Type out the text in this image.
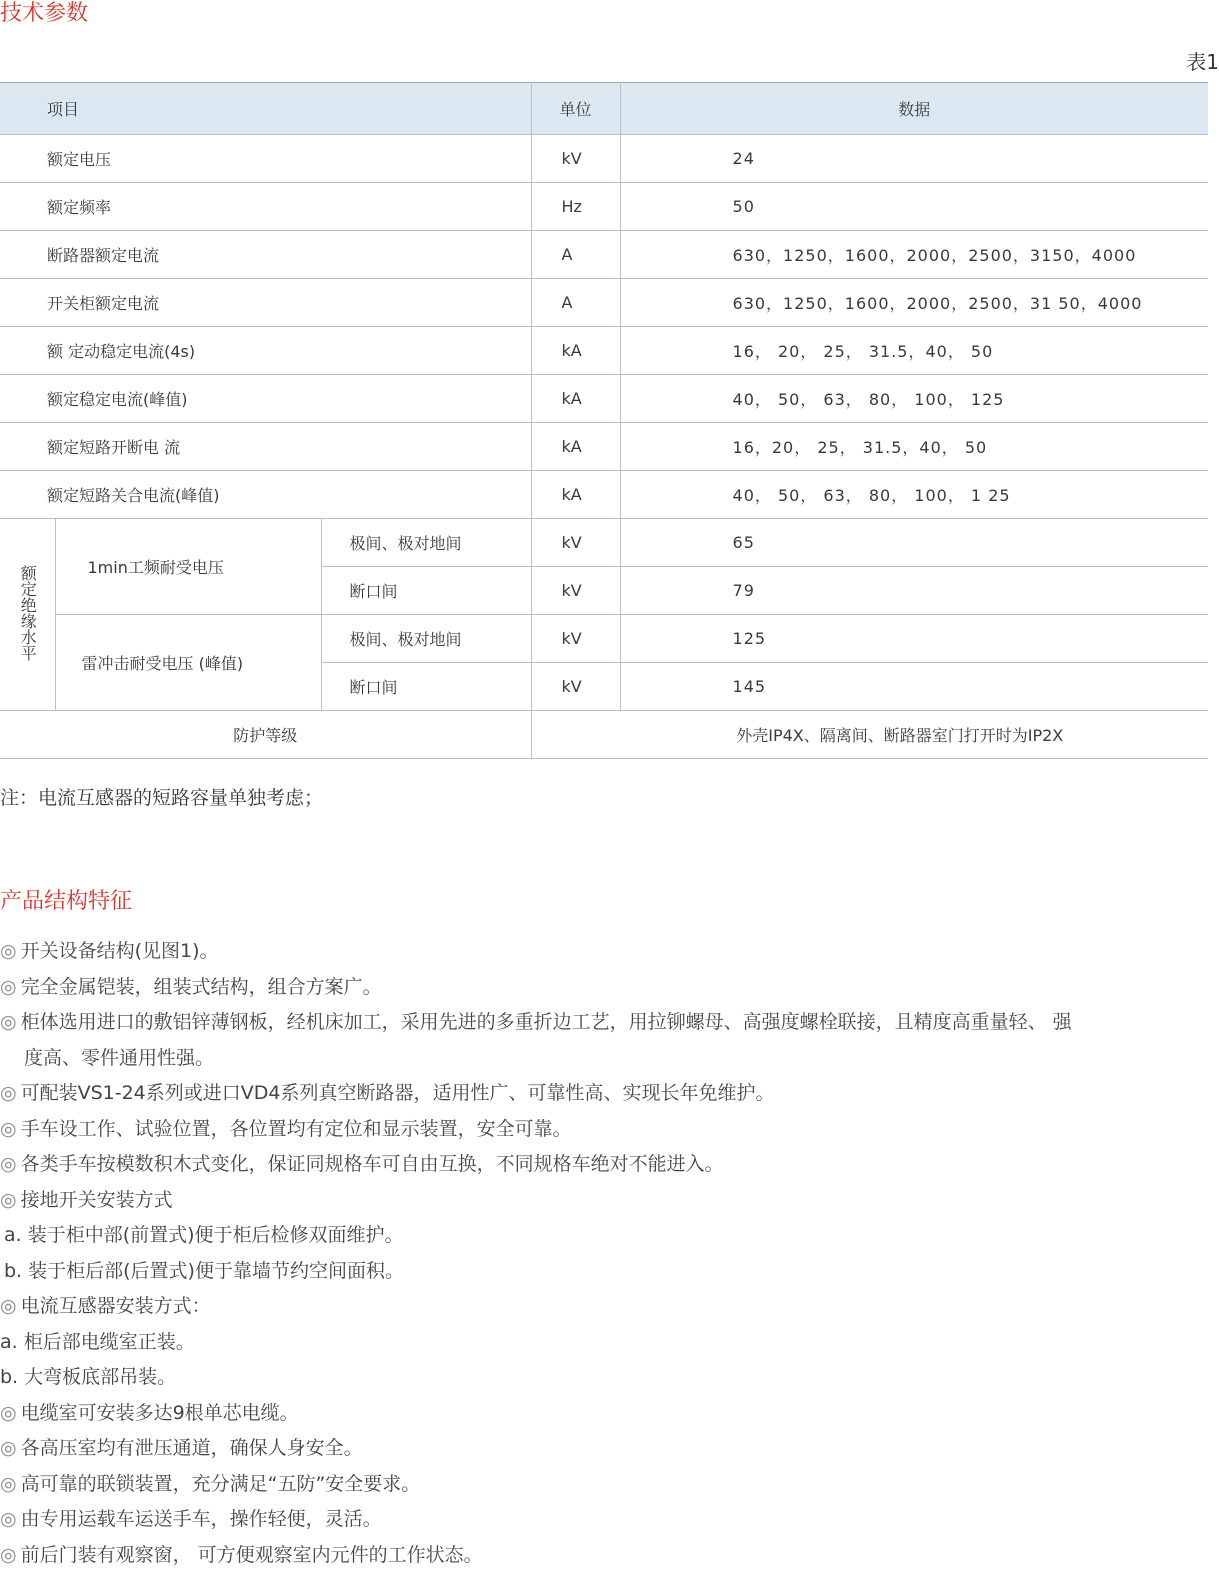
技术参数
表1
项目			单位	数据
额定电压			kV	24
额定频率			Hz	50
断路器额定电流			A	630，1250，1600，2000，2500，3150，4000
开关柜额定电流			A	630，1250，1600，2000，2500，31 50，4000
额 定动稳定电流(4s)			kA	16， 20， 25， 31.5，40， 50
额定稳定电流(峰值)			kA	40， 50， 63， 80， 100， 125
额定短路开断电 流			kA	16，20， 25， 31.5，40， 50
额定短路关合电流(峰值)			kA	40， 50， 63， 80， 100， 1 25
额定绝缘水平	1min工频耐受电压	极间、极对地间	kV	65
		断口间	kV	79
	雷冲击耐受电压 (峰值)	极间、极对地间	kV	125
		断口间	kV	145
防护等级			外壳IP4X、隔离间、断路器室门打开时为IP2X	
注：电流互感器的短路容量单独考虑；
产品结构特征
◎ 开关设备结构(见图1)。
◎ 完全金属铠装，组装式结构，组合方案广。
◎ 柜体选用进口的敷铝锌薄钢板，经机床加工，采用先进的多重折边工艺，用拉铆螺母、高强度螺栓联接，且精度高重量轻、 强
度高、零件通用性强。
◎ 可配装VS1-24系列或进口VD4系列真空断路器，适用性广、可靠性高、实现长年免维护。
◎ 手车设工作、试验位置，各位置均有定位和显示装置，安全可靠。
◎ 各类手车按模数积木式变化，保证同规格车可自由互换，不同规格车绝对不能进入。
◎ 接地开关安装方式
a. 装于柜中部(前置式)便于柜后检修双面维护。
b. 装于柜后部(后置式)便于靠墙节约空间面积。
◎ 电流互感器安装方式：
a. 柜后部电缆室正装。
b. 大弯板底部吊装。
◎ 电缆室可安装多达9根单芯电缆。
◎ 各高压室均有泄压通道，确保人身安全。
◎ 高可靠的联锁装置，充分满足“五防”安全要求。
◎ 由专用运载车运送手车，操作轻便，灵活。
◎ 前后门装有观察窗， 可方便观察室内元件的工作状态。
